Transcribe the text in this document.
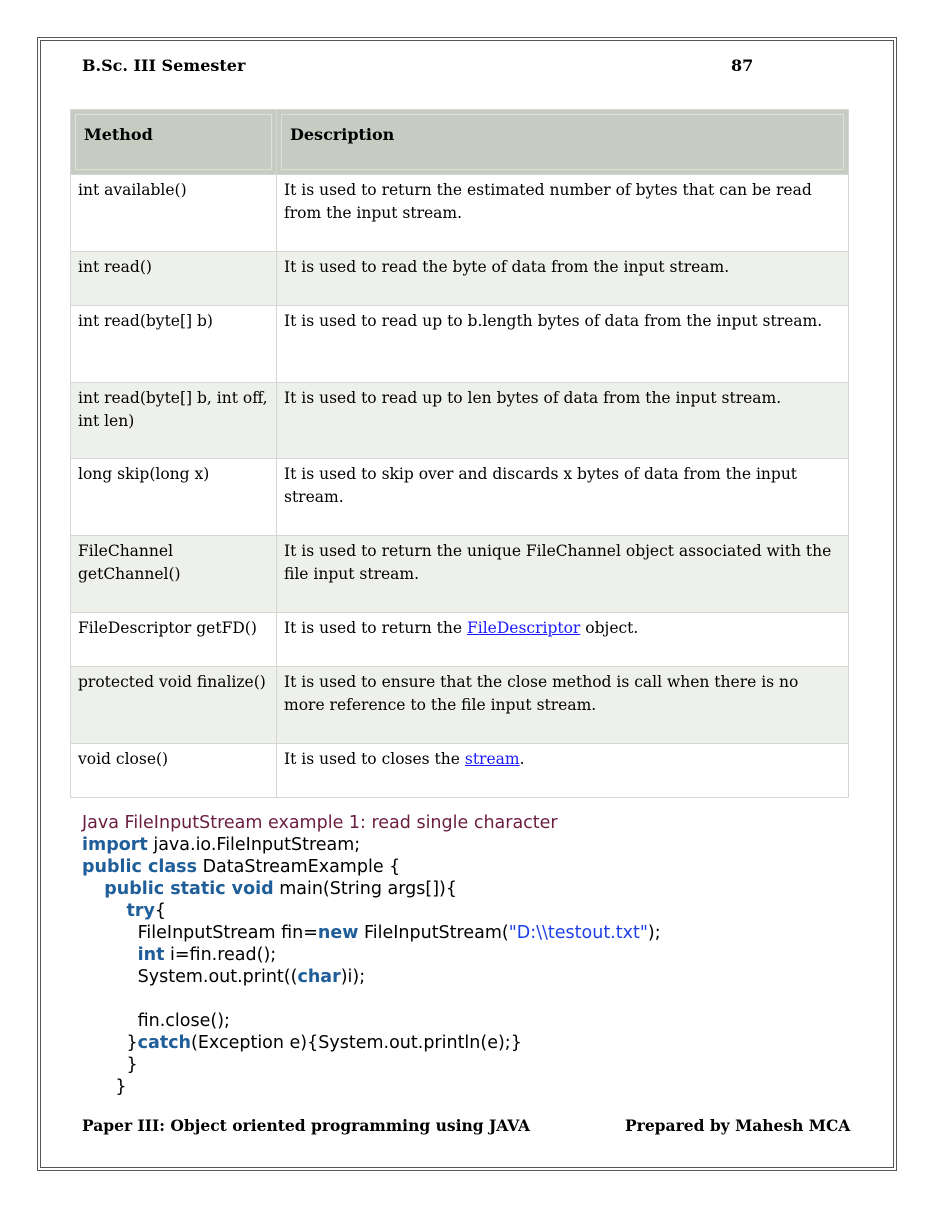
B.Sc. III Semester	87
Method	Description

int available()	It is used to return the estimated number of bytes that can be read from the input stream.
int read()	It is used to read the byte of data from the input stream.
int read(byte[] b)	It is used to read up to b.length bytes of data from the input stream.
int read(byte[] b, int off, int len)	It is used to read up to len bytes of data from the input stream.
long skip(long x)	It is used to skip over and discards x bytes of data from the input stream.
FileChannel getChannel()	It is used to return the unique FileChannel object associated with the file input stream.
FileDescriptor getFD()	It is used to return the FileDescriptor object.
protected void finalize()	It is used to ensure that the close method is call when there is no more reference to the file input stream.
void close()	It is used to closes the stream.
Java FileInputStream example 1: read single character
import java.io.FileInputStream;
public class DataStreamExample {
public static void main(String args[]){
try{
FileInputStream fin=new FileInputStream("D:\\testout.txt");
int i=fin.read();
System.out.print((char)i);

fin.close();
}catch(Exception e){System.out.println(e);}
}
}
Paper III: Object oriented programming using JAVA	Prepared by Mahesh MCA
